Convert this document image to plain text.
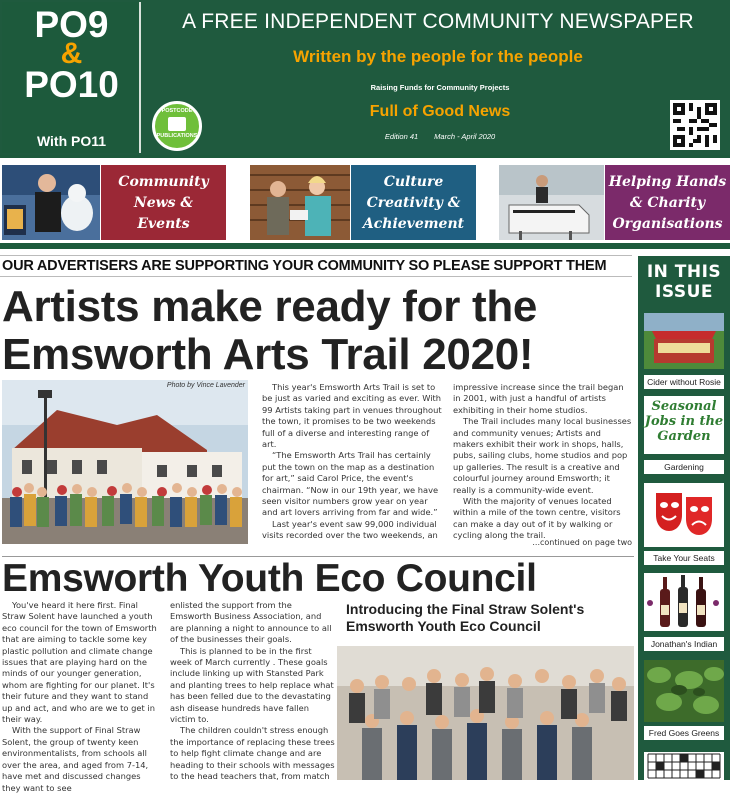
PO9
&
PO10
With PO11
A FREE INDEPENDENT COMMUNITY NEWSPAPER
Written by the people for the people
Raising Funds for Community Projects
Full of Good News
Edition 41 March - April 2020
POSTCODE
PUBLICATIONS
Community
News &
Events
Culture
Creativity &
Achievement
Helping Hands
& Charity
Organisations
OUR ADVERTISERS ARE SUPPORTING YOUR COMMUNITY SO PLEASE SUPPORT THEM
Artists make ready for the
Emsworth Arts Trail 2020!
Photo by Vince Lavender	This year's Emsworth Arts Trail is set to be just as varied and exciting as ever. With 99 Artists taking part in venues throughout the town, it promises to be two weekends full of a diverse and interesting range of art.

“The Emsworth Arts Trail has certainly put the town on the map as a destination for art,” said Carol Price, the event's chairman. “Now in our 19th year, we have seen visitor numbers grow year on year and art lovers arriving from far and wide.”

Last year's event saw 99,000 individual visits recorded over the two weekends, an

impressive increase since the trail began in 2001, with just a handful of artists exhibiting in their home studios.

The Trail includes many local businesses and community venues; Artists and makers exhibit their work in shops, halls, pubs, sailing clubs, home studios and pop up galleries. The result is a creative and colourful journey around Emsworth; it really is a community-wide event.

With the majority of venues located within a mile of the town centre, visitors can make a day out of it by walking or cycling along the trail.

...continued on page two
Emsworth Youth Eco Council

You've heard it here first. Final Straw Solent have launched a youth eco council for the town of Emsworth that are aiming to tackle some key plastic pollution and climate change issues that are playing hard on the minds of our younger generation, whom are fighting for our planet. It's their future and they want to stand up and act, and who are we to get in their way.

With the support of Final Straw Solent, the group of twenty keen environmentalists, from schools all over the area, and aged from 7-14, have met and discussed changes they want to see

enlisted the support from the Emsworth Business Association, and are planning a night to announce to all of the businesses their goals.

This is planned to be in the first week of March currently . These goals include linking up with Stansted Park and planting trees to help replace what has been felled due to the devastating ash disease hundreds have fallen victim to.

The children couldn't stress enough the importance of replacing these trees to help fight climate change and are heading to their schools with messages to the head teachers that, from match

Introducing the Final Straw Solent's
Emsworth Youth Eco Council
IN THIS
ISSUE
Cider without Rosie
Seasonal
Jobs in the
Garden
Gardening
Take Your Seats
Jonathan's Indian
Fred Goes Greens
